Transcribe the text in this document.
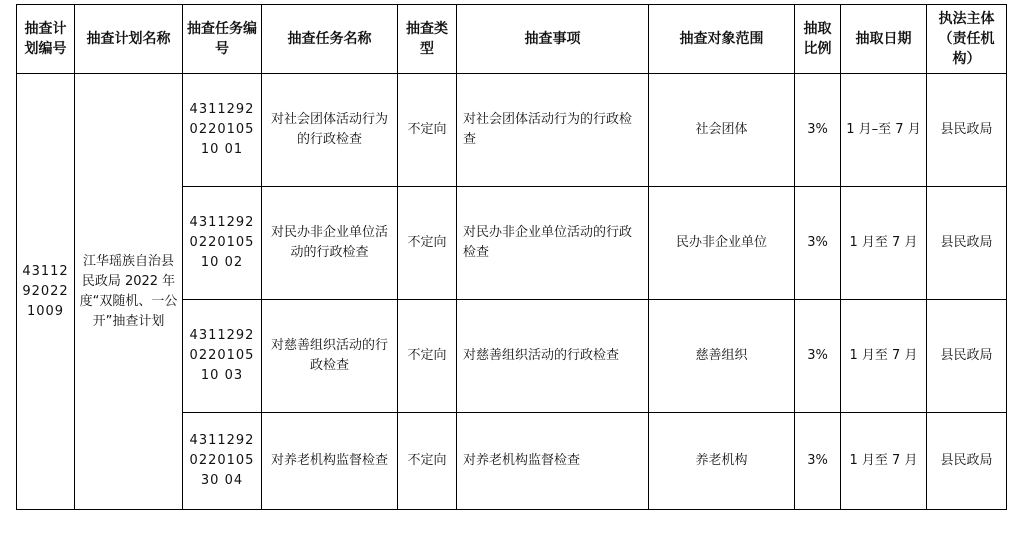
抽查计划编号	抽查计划名称	抽查任务编号	抽查任务名称	抽查类型	抽查事项	抽查对象范围	抽取比例	抽取日期	执法主体（责任机构）
43112920221009	江华瑶族自治县民政局 2022 年度“双随机、一公开”抽查计划	4311292022010510 01	对社会团体活动行为的行政检查	不定向	对社会团体活动行为的行政检查	社会团体	3%	1 月–至 7 月	县民政局
		4311292022010510 02	对民办非企业单位活动的行政检查	不定向	对民办非企业单位活动的行政检查	民办非企业单位	3%	1 月至 7 月	县民政局
		4311292022010510 03	对慈善组织活动的行政检查	不定向	对慈善组织活动的行政检查	慈善组织	3%	1 月至 7 月	县民政局
		4311292022010530 04	对养老机构监督检查	不定向	对养老机构监督检查	养老机构	3%	1 月至 7 月	县民政局
